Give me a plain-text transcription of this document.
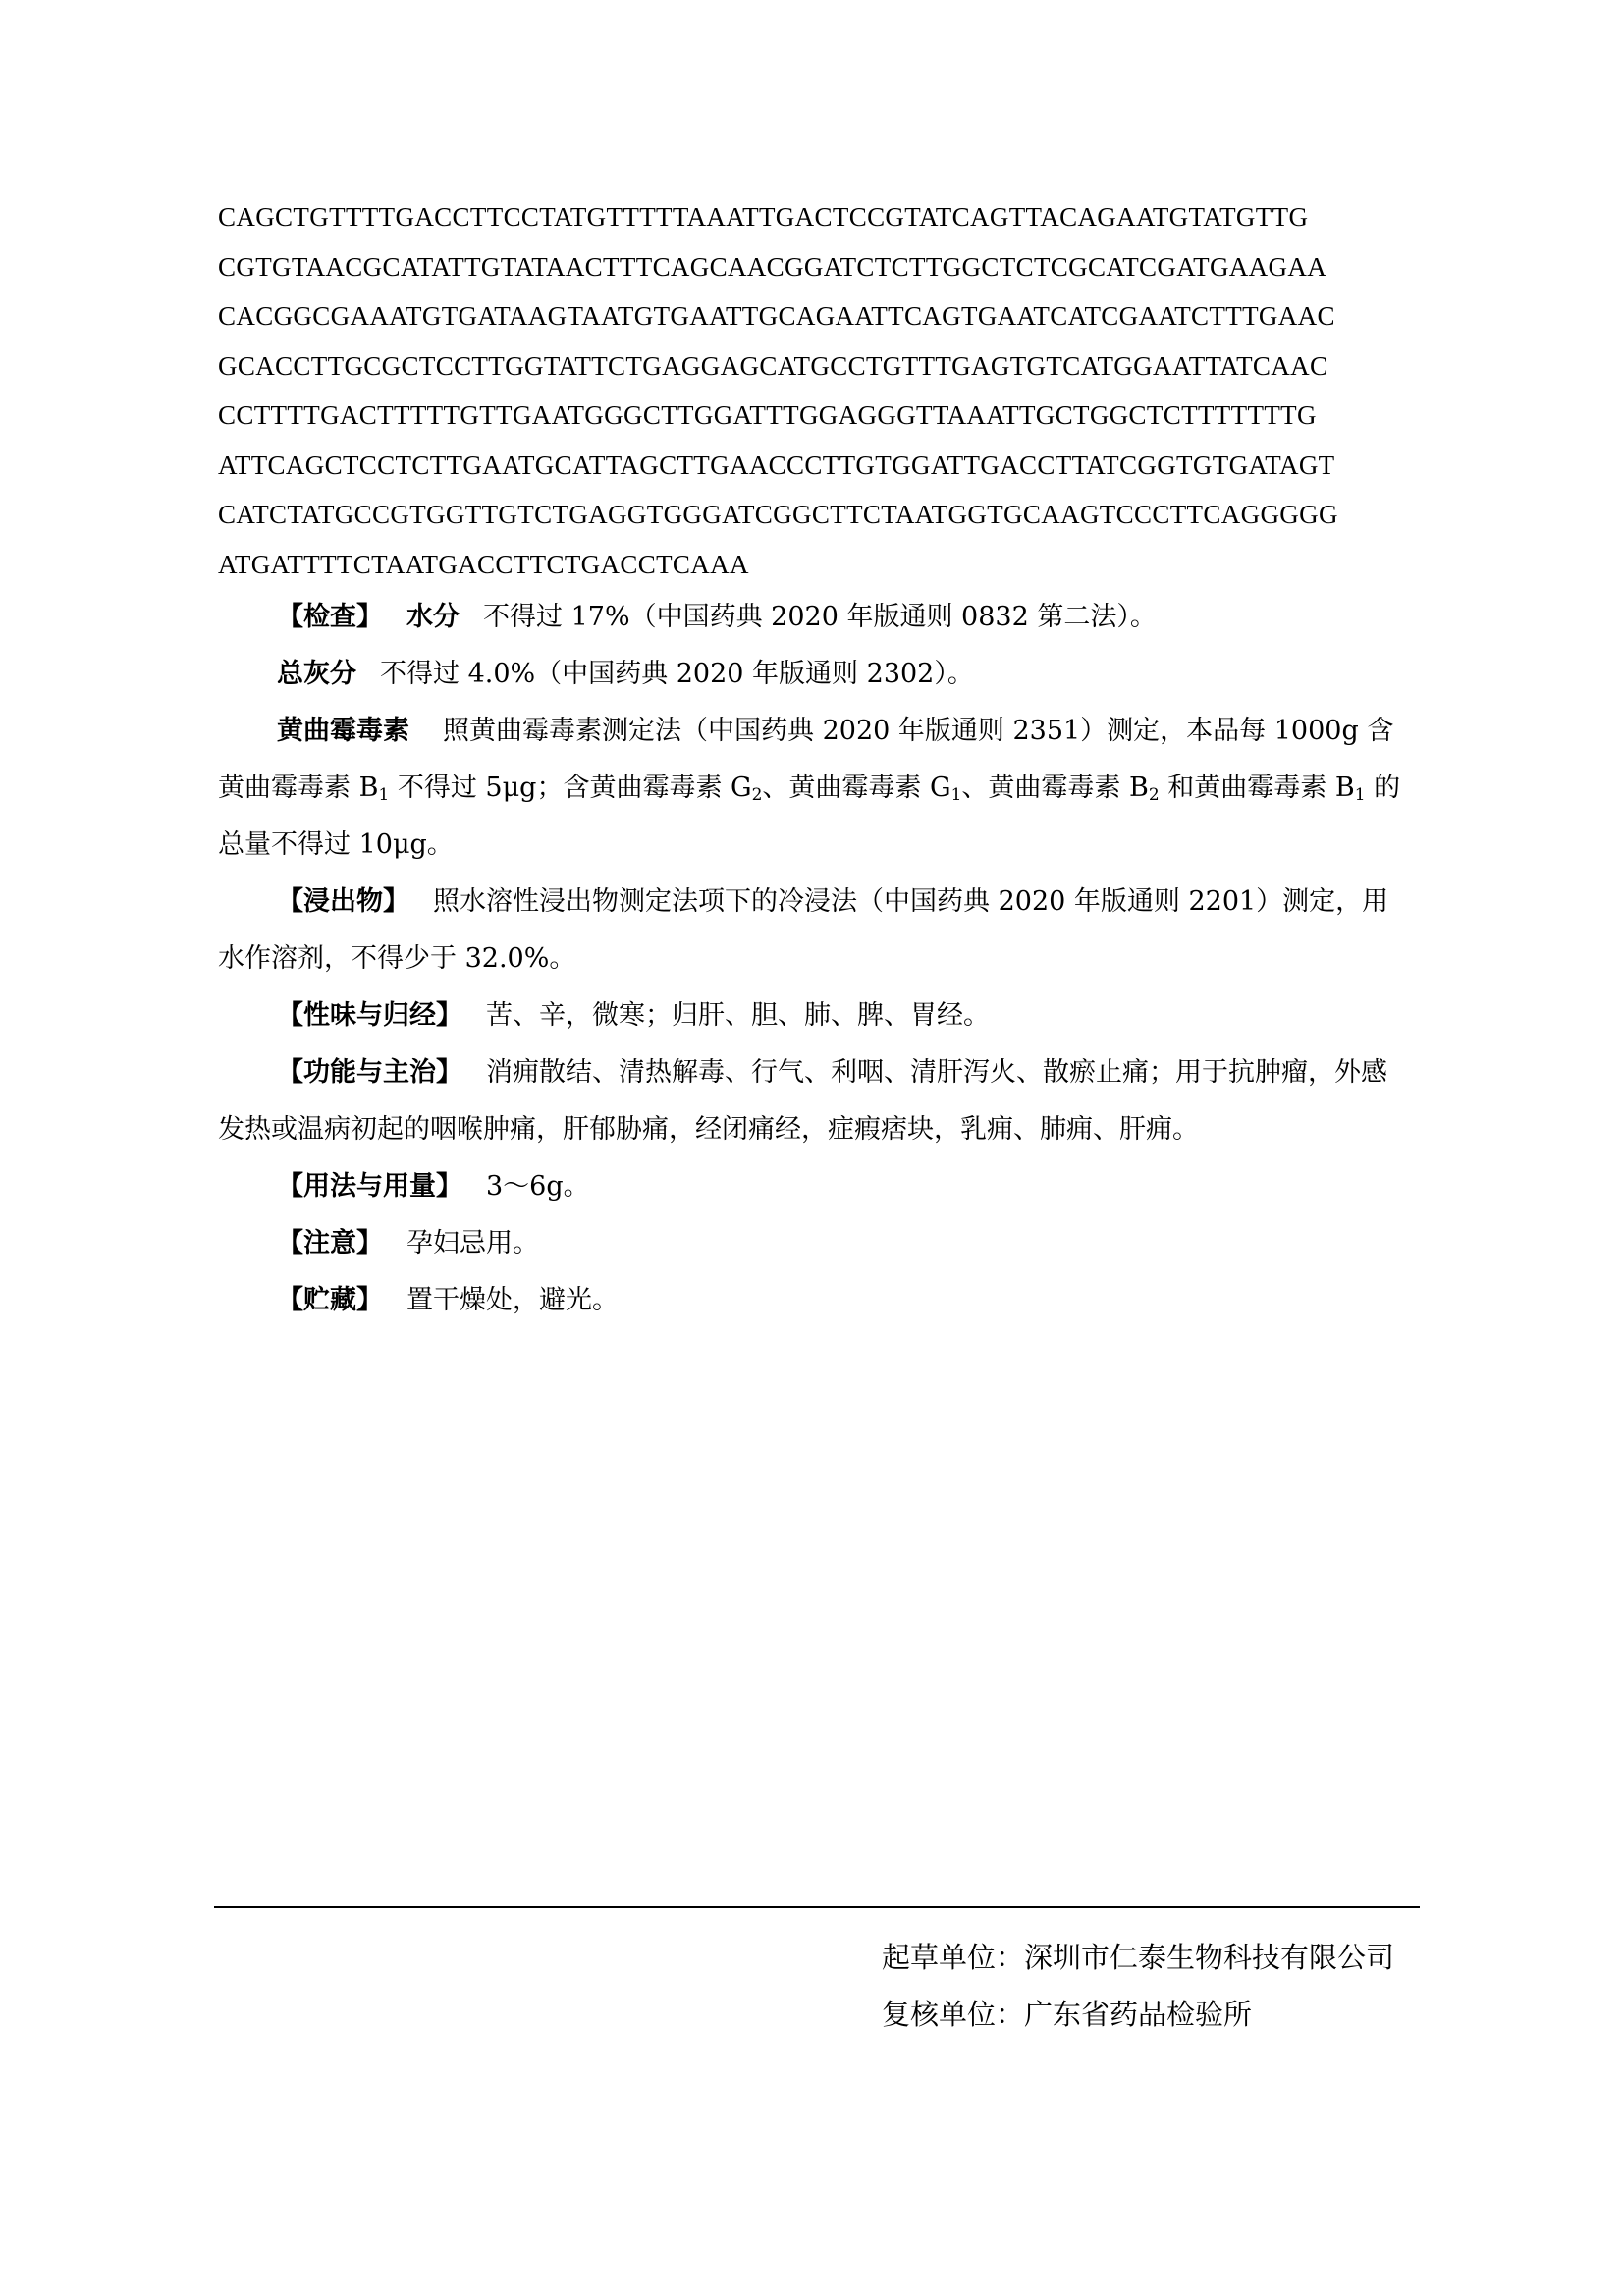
CAGCTGTTTTGACCTTCCTATGTTTTTAAATTGACTCCGTATCAGTTACAGAATGTATGTTG
CGTGTAACGCATATTGTATAACTTTCAGCAACGGATCTCTTGGCTCTCGCATCGATGAAGAA
CACGGCGAAATGTGATAAGTAATGTGAATTGCAGAATTCAGTGAATCATCGAATCTTTGAAC
GCACCTTGCGCTCCTTGGTATTCTGAGGAGCATGCCTGTTTGAGTGTCATGGAATTATCAAC
CCTTTTGACTTTTTGTTGAATGGGCTTGGATTTGGAGGGTTAAATTGCTGGCTCTTTTTTTG
ATTCAGCTCCTCTTGAATGCATTAGCTTGAACCCTTGTGGATTGACCTTATCGGTGTGATAGT
CATCTATGCCGTGGTTGTCTGAGGTGGGATCGGCTTCTAATGGTGCAAGTCCCTTCAGGGGG
ATGATTTTCTAATGACCTTCTGACCTCAAA

【检查】 水分 不得过 17%（中国药典 2020 年版通则 0832 第二法）。

总灰分 不得过 4.0%（中国药典 2020 年版通则 2302）。

黄曲霉毒素 照黄曲霉毒素测定法（中国药典 2020 年版通则 2351）测定，本品每 1000g 含黄曲霉毒素 $B_1$ 不得过 5μg；含黄曲霉毒素 $G_2$、黄曲霉毒素 $G_1$、黄曲霉毒素 $B_2$ 和黄曲霉毒素 $B_1$ 的总量不得过 10μg。

【浸出物】 照水溶性浸出物测定法项下的冷浸法（中国药典 2020 年版通则 2201）测定，用水作溶剂，不得少于 32.0%。

【性味与归经】 苦、辛，微寒；归肝、胆、肺、脾、胃经。

【功能与主治】 消痈散结、清热解毒、行气、利咽、清肝泻火、散瘀止痛；用于抗肿瘤，外感发热或温病初起的咽喉肿痛，肝郁胁痛，经闭痛经，症瘕痞块，乳痈、肺痈、肝痈。

【用法与用量】 3～6g。

【注意】 孕妇忌用。

【贮藏】 置干燥处，避光。

起草单位：深圳市仁泰生物科技有限公司
复核单位：广东省药品检验所
